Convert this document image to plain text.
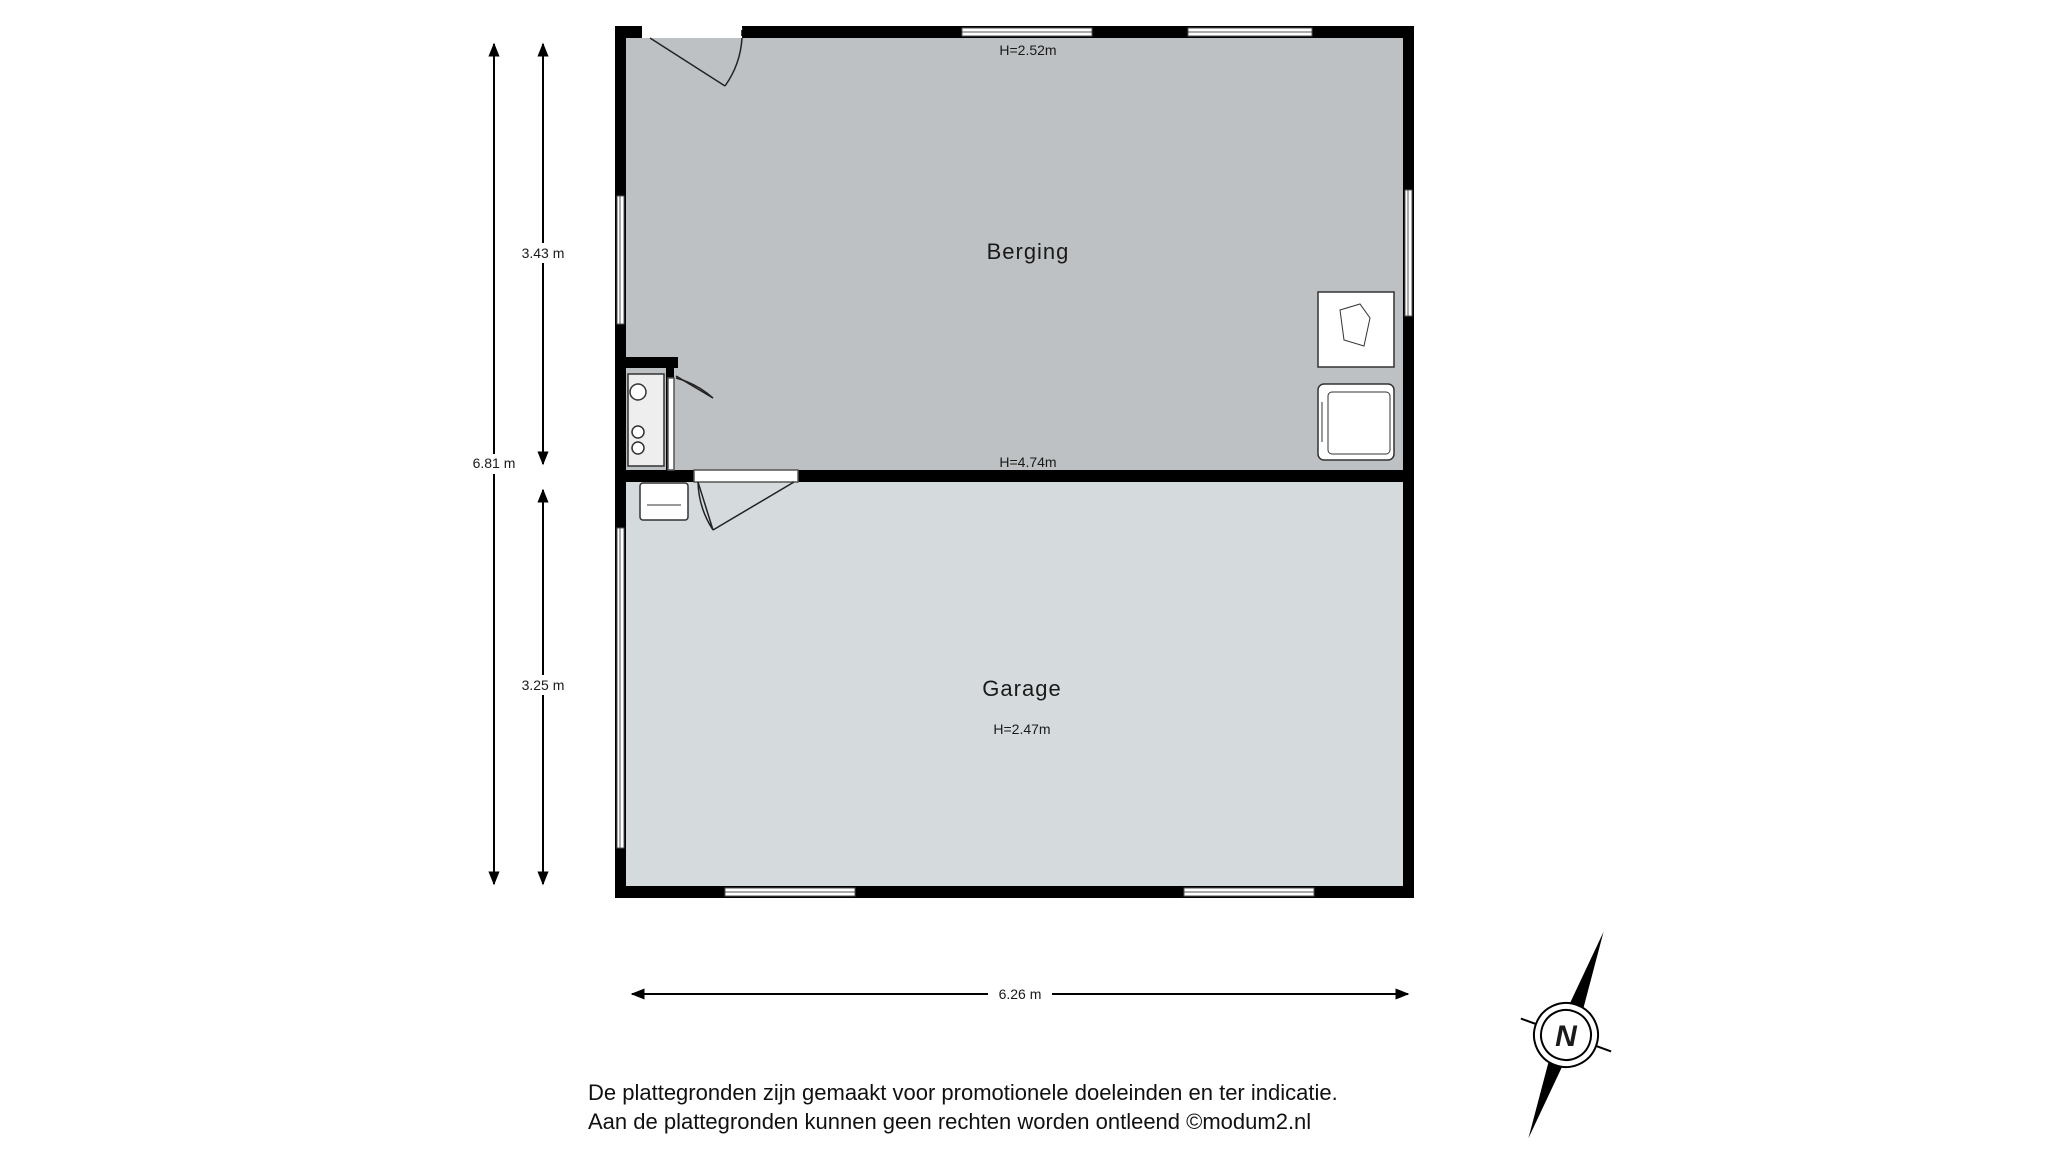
Berging
H=2.52m
H=4.74m
Garage
H=2.47m
6.81 m
3.43 m
3.25 m
6.26 m
N
De plattegronden zijn gemaakt voor promotionele doeleinden en ter indicatie.
Aan de plattegronden kunnen geen rechten worden ontleend ©modum2.nl
